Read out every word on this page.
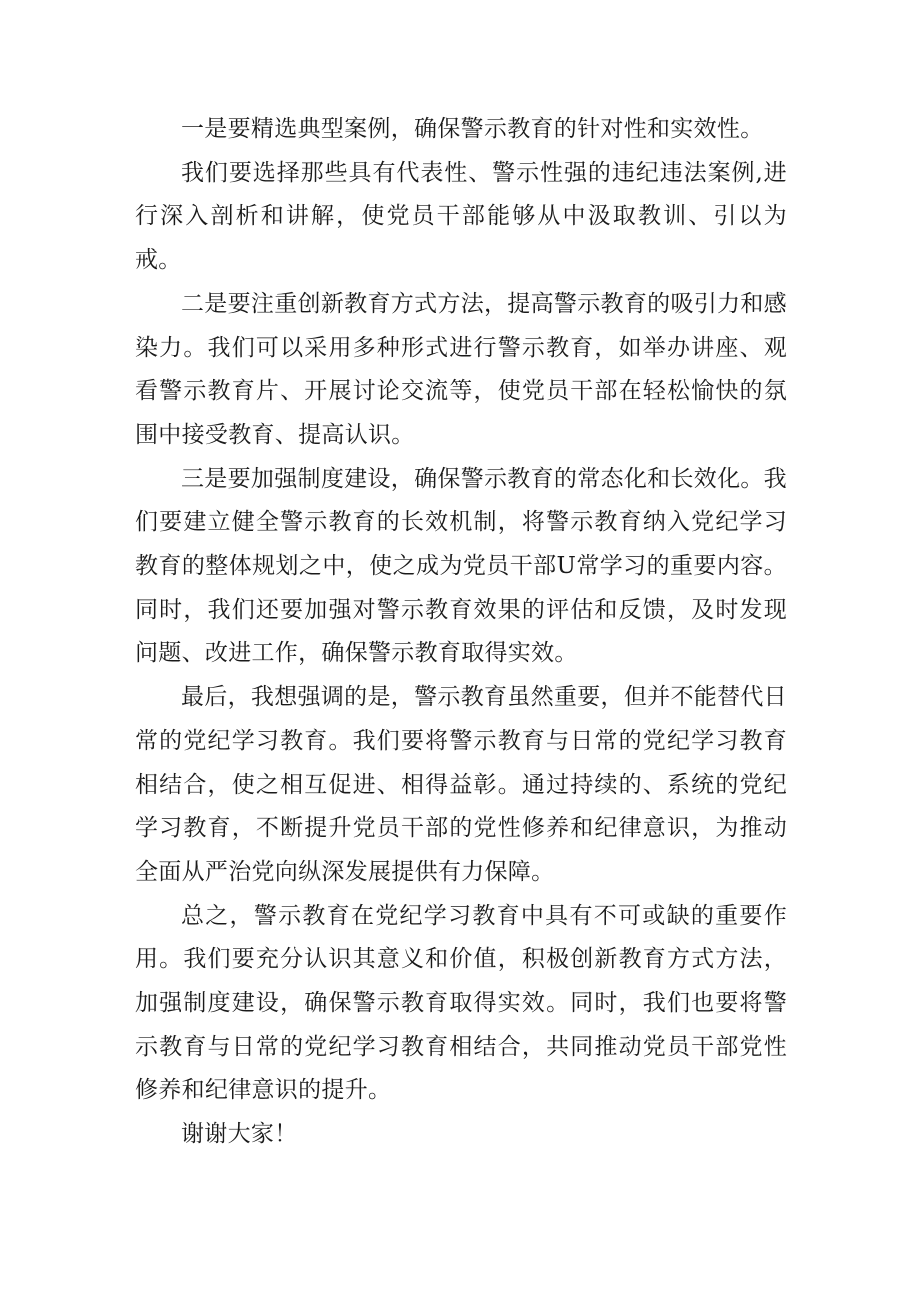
一是要精选典型案例，确保警示教育的针对性和实效性。

我们要选择那些具有代表性、警示性强的违纪违法案例,进行深入剖析和讲解，使党员干部能够从中汲取教训、引以为戒。

二是要注重创新教育方式方法，提高警示教育的吸引力和感染力。我们可以采用多种形式进行警示教育，如举办讲座、观看警示教育片、开展讨论交流等，使党员干部在轻松愉快的氛围中接受教育、提高认识。

三是要加强制度建设，确保警示教育的常态化和长效化。我们要建立健全警示教育的长效机制，将警示教育纳入党纪学习教育的整体规划之中，使之成为党员干部U常学习的重要内容。同时，我们还要加强对警示教育效果的评估和反馈，及时发现问题、改进工作，确保警示教育取得实效。

最后，我想强调的是，警示教育虽然重要，但并不能替代日常的党纪学习教育。我们要将警示教育与日常的党纪学习教育相结合，使之相互促进、相得益彰。通过持续的、系统的党纪学习教育，不断提升党员干部的党性修养和纪律意识，为推动全面从严治党向纵深发展提供有力保障。

总之，警示教育在党纪学习教育中具有不可或缺的重要作用。我们要充分认识其意义和价值，积极创新教育方式方法，加强制度建设，确保警示教育取得实效。同时，我们也要将警示教育与日常的党纪学习教育相结合，共同推动党员干部党性修养和纪律意识的提升。

谢谢大家！
